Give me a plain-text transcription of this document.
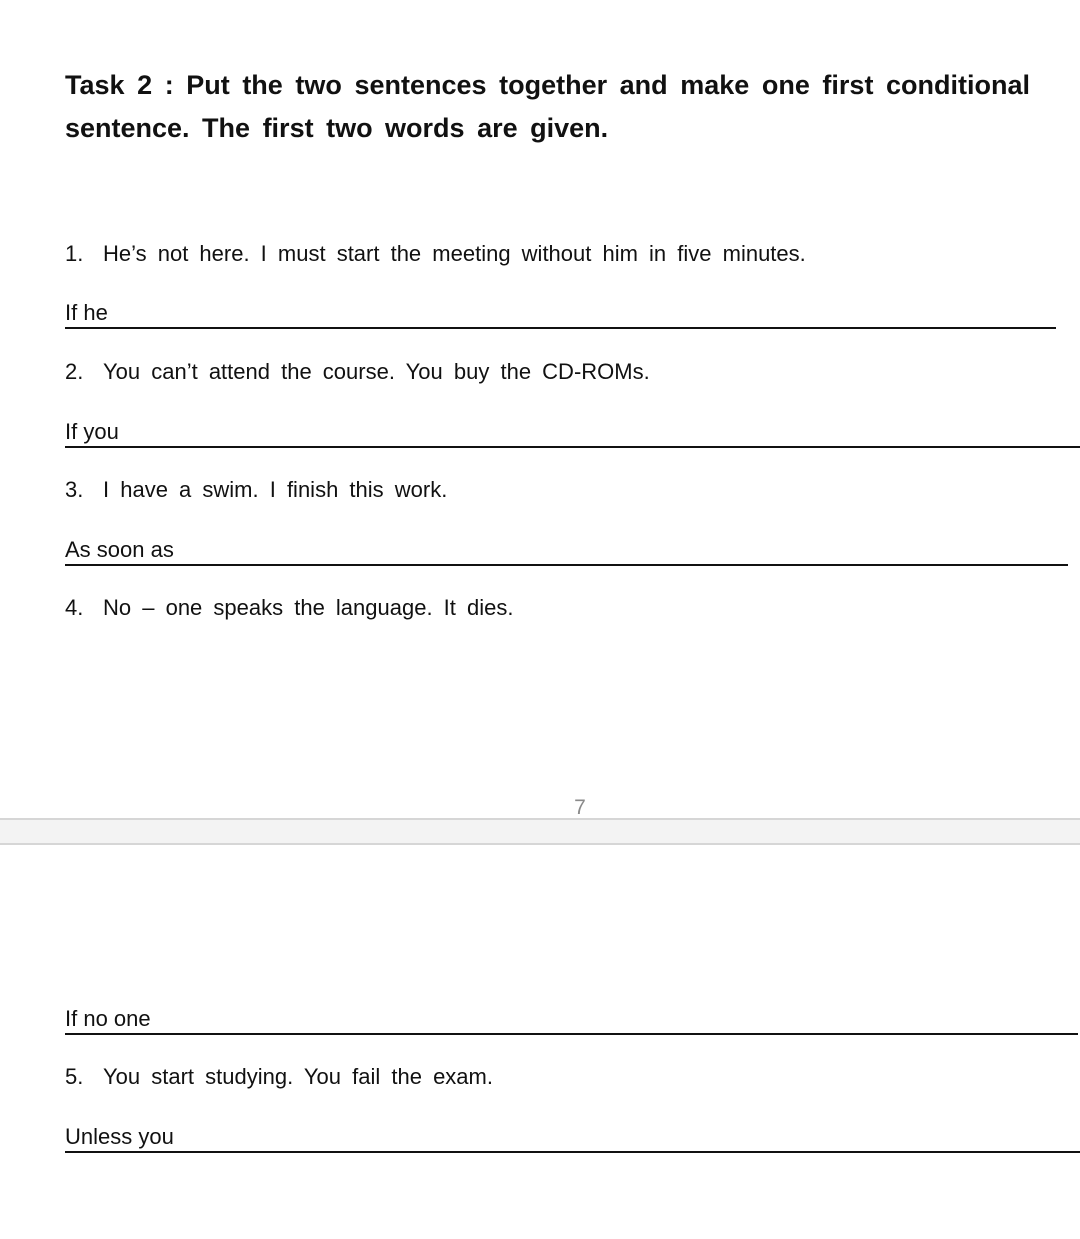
Task 2 : Put the two sentences together and make one first conditional sentence. The first two words are given.
1. He’s not here. I must start the meeting without him in five minutes.
If he
2. You can’t attend the course. You buy the CD-ROMs.
If you
3. I have a swim. I finish this work.
As soon as
4. No – one speaks the language. It dies.
7
If no one
5. You start studying. You fail the exam.
Unless you
